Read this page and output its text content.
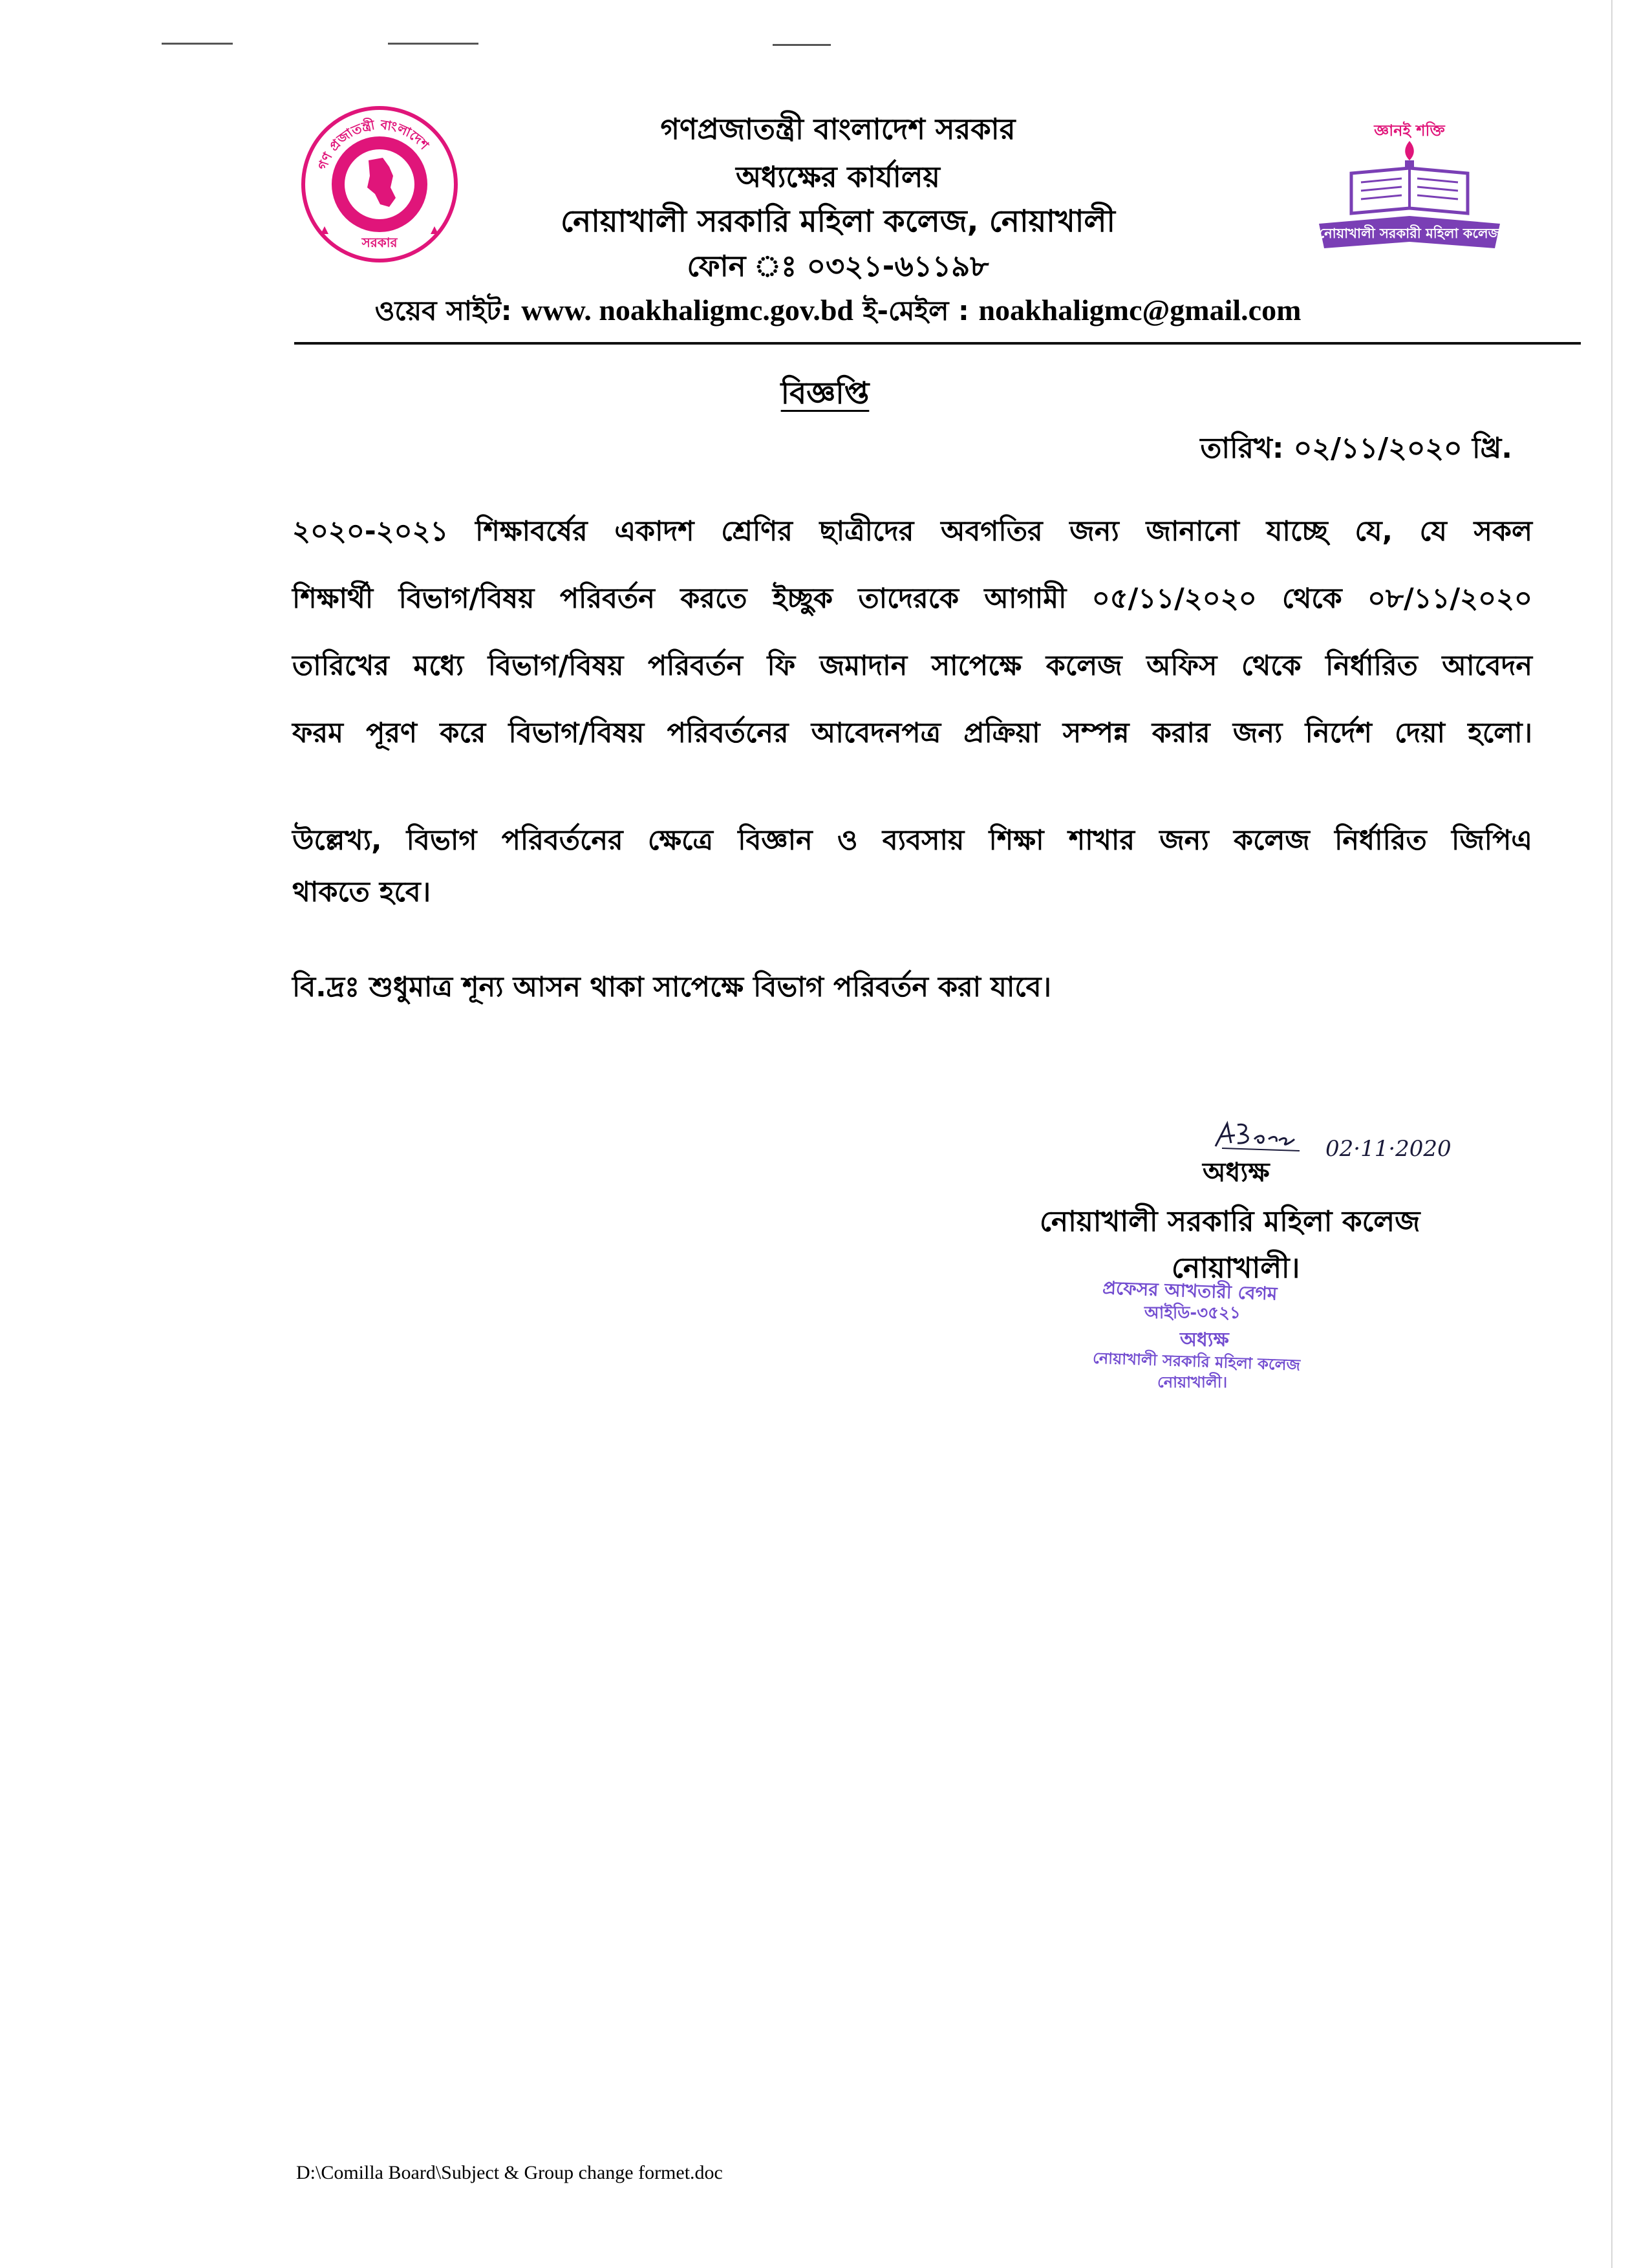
গণ প্রজাতন্ত্রী বাংলাদেশ
সরকার
জ্ঞানই শক্তি
নোয়াখালী সরকারী মহিলা কলেজ
গণপ্রজাতন্ত্রী বাংলাদেশ সরকার
অধ্যক্ষের কার্যালয়
নোয়াখালী সরকারি মহিলা কলেজ, নোয়াখালী
ফোন ঃ ০৩২১-৬১১৯৮
ওয়েব সাইট: www. noakhaligmc.gov.bd ই-মেইল : noakhaligmc@gmail.com
বিজ্ঞপ্তি
তারিখ: ০২/১১/২০২০ খ্রি.
২০২০-২০২১ শিক্ষাবর্ষের একাদশ শ্রেণির ছাত্রীদের অবগতির জন্য জানানো যাচ্ছে যে, যে সকল
শিক্ষার্থী বিভাগ/বিষয় পরিবর্তন করতে ইচ্ছুক তাদেরকে আগামী ০৫/১১/২০২০ থেকে ০৮/১১/২০২০
তারিখের মধ্যে বিভাগ/বিষয় পরিবর্তন ফি জমাদান সাপেক্ষে কলেজ অফিস থেকে নির্ধারিত আবেদন
ফরম পূরণ করে বিভাগ/বিষয় পরিবর্তনের আবেদনপত্র প্রক্রিয়া সম্পন্ন করার জন্য নির্দেশ দেয়া হলো।
উল্লেখ্য, বিভাগ পরিবর্তনের ক্ষেত্রে বিজ্ঞান ও ব্যবসায় শিক্ষা শাখার জন্য কলেজ নির্ধারিত জিপিএ
থাকতে হবে।
বি.দ্রঃ শুধুমাত্র শূন্য আসন থাকা সাপেক্ষে বিভাগ পরিবর্তন করা যাবে।
02·11·2020
অধ্যক্ষ
নোয়াখালী সরকারি মহিলা কলেজ
নোয়াখালী।
প্রফেসর আখতারী বেগম
আইডি-৩৫২১
অধ্যক্ষ
নোয়াখালী সরকারি মহিলা কলেজ
নোয়াখালী।
D:\Comilla Board\Subject & Group change formet.doc
